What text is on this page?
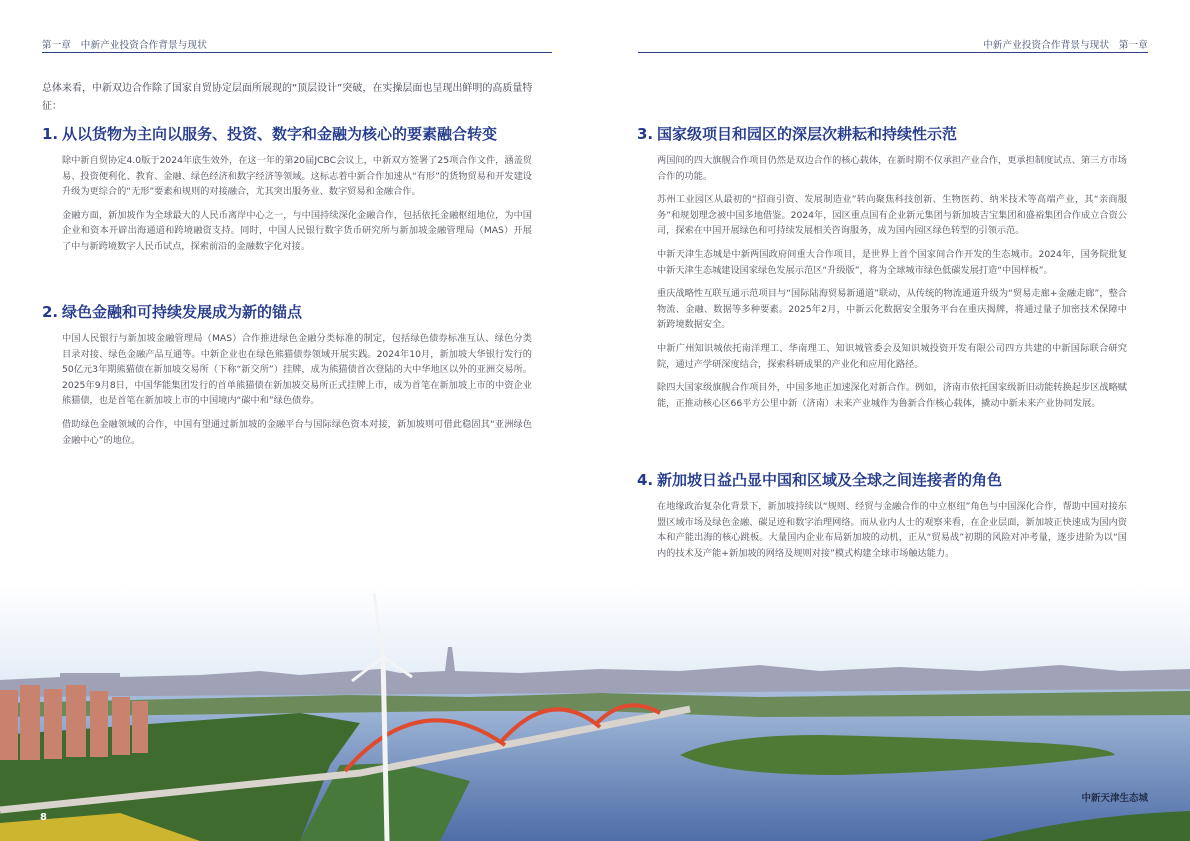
第一章　中新产业投资合作背景与现状	中新产业投资合作背景与现状　第一章

总体来看，中新双边合作除了国家自贸协定层面所展现的“顶层设计”突破，在实操层面也呈现出鲜明的高质量特征：

1. 从以货物为主向以服务、投资、数字和金融为核心的要素融合转变

除中新自贸协定4.0版于2024年底生效外，在这一年的第20届JCBC会议上，中新双方签署了25项合作文件，涵盖贸易、投资便利化、教育、金融、绿色经济和数字经济等领域。这标志着中新合作加速从“有形”的货物贸易和开发建设升级为更综合的“无形”要素和规则的对接融合，尤其突出服务业、数字贸易和金融合作。

金融方面，新加坡作为全球最大的人民币离岸中心之一，与中国持续深化金融合作，包括依托金融枢纽地位，为中国企业和资本开辟出海通道和跨境融资支持。同时，中国人民银行数字货币研究所与新加坡金融管理局（MAS）开展了中与新跨境数字人民币试点，探索前沿的金融数字化对接。

2. 绿色金融和可持续发展成为新的锚点

中国人民银行与新加坡金融管理局（MAS）合作推进绿色金融分类标准的制定，包括绿色债券标准互认、绿色分类目录对接、绿色金融产品互通等。中新企业也在绿色熊猫债券领域开展实践。2024年10月，新加坡大华银行发行的50亿元3年期熊猫债在新加坡交易所（下称“新交所”）挂牌，成为熊猫债首次登陆的大中华地区以外的亚洲交易所。2025年9月8日，中国华能集团发行的首单熊猫债在新加坡交易所正式挂牌上市，成为首笔在新加坡上市的中资企业熊猫债，也是首笔在新加坡上市的中国境内“碳中和”绿色债券。

借助绿色金融领域的合作，中国有望通过新加坡的金融平台与国际绿色资本对接，新加坡则可借此稳固其“亚洲绿色金融中心”的地位。

3. 国家级项目和园区的深层次耕耘和持续性示范

两国间的四大旗舰合作项目仍然是双边合作的核心载体，在新时期不仅承担产业合作，更承担制度试点、第三方市场合作的功能。

苏州工业园区从最初的“招商引资、发展制造业”转向聚焦科技创新、生物医药、纳米技术等高端产业，其“亲商服务”和规划理念被中国多地借鉴。2024年，园区重点国有企业新元集团与新加坡吉宝集团和盛裕集团合作成立合资公司，探索在中国开展绿色和可持续发展相关咨询服务，成为国内园区绿色转型的引领示范。

中新天津生态城是中新两国政府间重大合作项目，是世界上首个国家间合作开发的生态城市。2024年，国务院批复中新天津生态城建设国家绿色发展示范区“升级版”，将为全球城市绿色低碳发展打造“中国样板”。

重庆战略性互联互通示范项目与“国际陆海贸易新通道”联动，从传统的物流通道升级为“贸易走廊+金融走廊”，整合物流、金融、数据等多种要素。2025年2月，中新云化数据安全服务平台在重庆揭牌，将通过量子加密技术保障中新跨境数据安全。

中新广州知识城依托南洋理工、华南理工、知识城管委会及知识城投资开发有限公司四方共建的中新国际联合研究院，通过产学研深度结合，探索科研成果的产业化和应用化路径。

除四大国家级旗舰合作项目外，中国多地正加速深化对新合作。例如，济南市依托国家级新旧动能转换起步区战略赋能，正推动核心区66平方公里中新（济南）未来产业城作为鲁新合作核心载体，撬动中新未来产业协同发展。

4. 新加坡日益凸显中国和区域及全球之间连接者的角色

在地缘政治复杂化背景下，新加坡持续以“规则、经贸与金融合作的中立枢纽”角色与中国深化合作，帮助中国对接东盟区域市场及绿色金融、碳足迹和数字治理网络。而从业内人士的观察来看，在企业层面，新加坡正快速成为国内资本和产能出海的核心跳板。大量国内企业布局新加坡的动机，正从“贸易战”初期的风险对冲考量，逐步进阶为以“国内的技术及产能+新加坡的网络及规则对接”模式构建全球市场触达能力。

8
中新天津生态城
